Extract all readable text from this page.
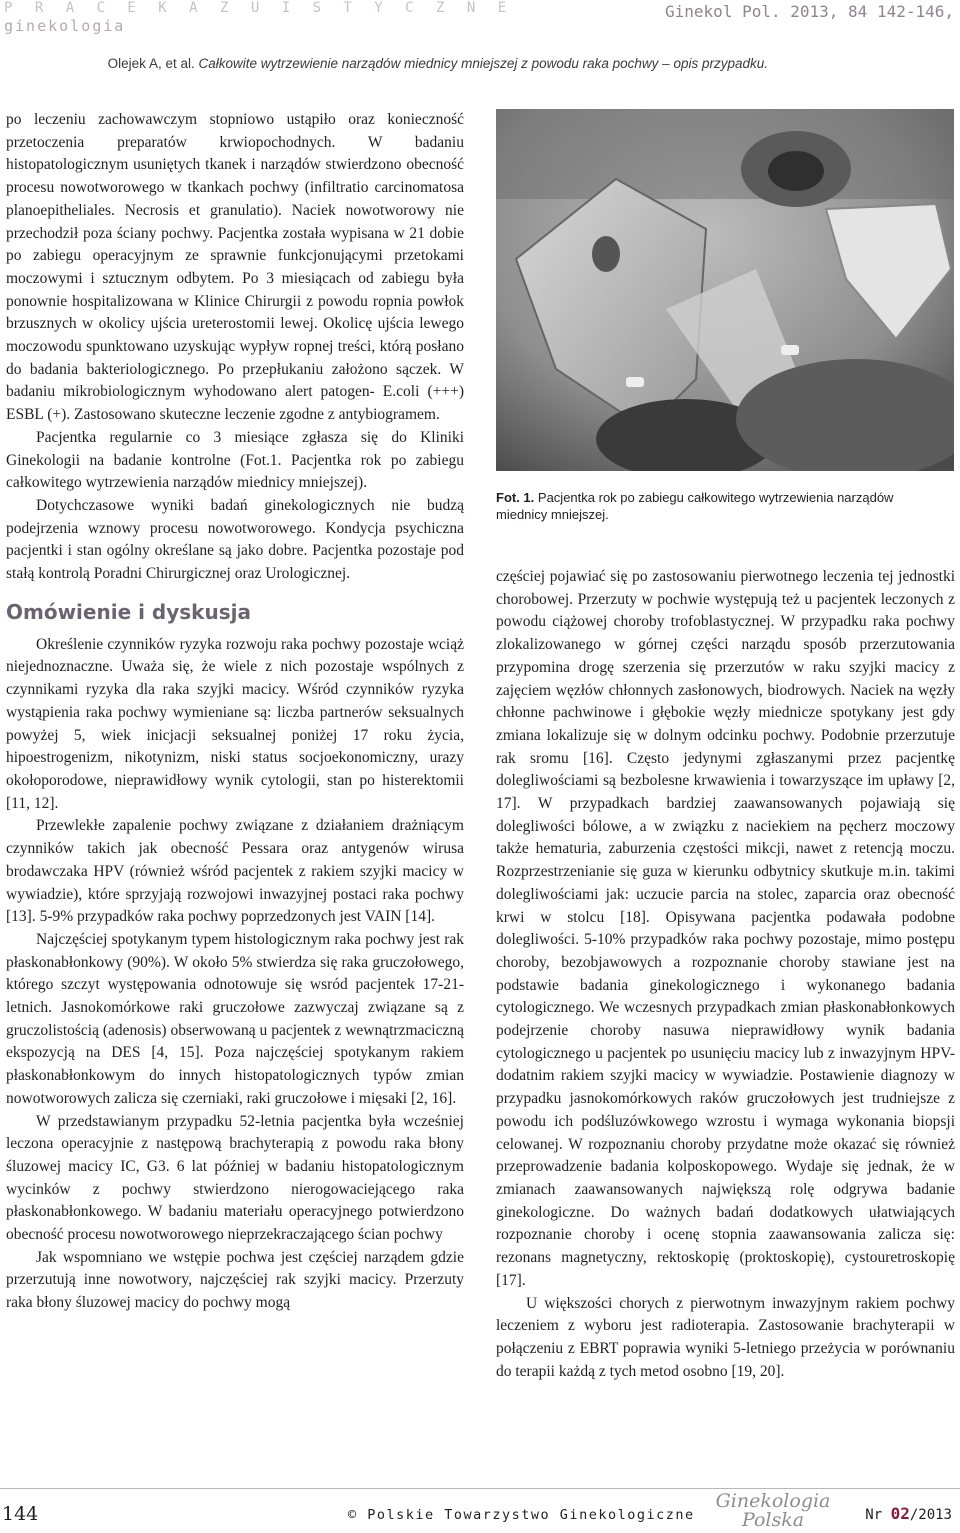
P R A C E K A Z U I S T Y C Z N E
ginekologia
Ginekol Pol. 2013, 84 142-146,
Olejek A, et al. Całkowite wytrzewienie narządów miednicy mniejszej z powodu raka pochwy – opis przypadku.

po leczeniu zachowawczym stopniowo ustąpiło oraz konieczność przetoczenia preparatów krwiopochodnych. W badaniu histopatologicznym usuniętych tkanek i narządów stwierdzono obecność procesu nowotworowego w tkankach pochwy (infiltratio carcinomatosa planoepitheliales. Necrosis et granulatio). Naciek nowotworowy nie przechodził poza ściany pochwy. Pacjentka została wypisana w 21 dobie po zabiegu operacyjnym ze sprawnie funkcjonującymi przetokami moczowymi i sztucznym odbytem. Po 3 miesiącach od zabiegu była ponownie hospitalizowana w Klinice Chirurgii z powodu ropnia powłok brzusznych w okolicy ujścia ureterostomii lewej. Okolicę ujścia lewego moczowodu spunktowano uzyskując wypływ ropnej treści, którą posłano do badania bakteriologicznego. Po przepłukaniu założono sączek. W badaniu mikrobiologicznym wyhodowano alert patogen- E.coli (+++) ESBL (+). Zastosowano skuteczne leczenie zgodne z antybiogramem.

Pacjentka regularnie co 3 miesiące zgłasza się do Kliniki Ginekologii na badanie kontrolne (Fot.1. Pacjentka rok po zabiegu całkowitego wytrzewienia narządów miednicy mniejszej).

Dotychczasowe wyniki badań ginekologicznych nie budzą podejrzenia wznowy procesu nowotworowego. Kondycja psychiczna pacjentki i stan ogólny określane są jako dobre. Pacjentka pozostaje pod stałą kontrolą Poradni Chirurgicznej oraz Urologicznej.

Omówienie i dyskusja

Określenie czynników ryzyka rozwoju raka pochwy pozostaje wciąż niejednoznaczne. Uważa się, że wiele z nich pozostaje wspólnych z czynnikami ryzyka dla raka szyjki macicy. Wśród czynników ryzyka wystąpienia raka pochwy wymieniane są: liczba partnerów seksualnych powyżej 5, wiek inicjacji seksualnej poniżej 17 roku życia, hipoestrogenizm, nikotynizm, niski status socjoekonomiczny, urazy okołoporodowe, nieprawidłowy wynik cytologii, stan po histerektomii [11, 12].

Przewlekłe zapalenie pochwy związane z działaniem drażniącym czynników takich jak obecność Pessara oraz antygenów wirusa brodawczaka HPV (również wśród pacjentek z rakiem szyjki macicy w wywiadzie), które sprzyjają rozwojowi inwazyjnej postaci raka pochwy [13]. 5-9% przypadków raka pochwy poprzedzonych jest VAIN [14].

Najczęściej spotykanym typem histologicznym raka pochwy jest rak płaskonabłonkowy (90%). W około 5% stwierdza się raka gruczołowego, którego szczyt występowania odnotowuje się wsród pacjentek 17-21-letnich. Jasnokomórkowe raki gruczołowe zazwyczaj związane są z gruczolistością (adenosis) obserwowaną u pacjentek z wewnątrzmaciczną ekspozycją na DES [4, 15]. Poza najczęściej spotykanym rakiem płaskonabłonkowym do innych histopatologicznych typów zmian nowotworowych zalicza się czerniaki, raki gruczołowe i mięsaki [2, 16].

W przedstawianym przypadku 52-letnia pacjentka była wcześniej leczona operacyjnie z następową brachyterapią z powodu raka błony śluzowej macicy IC, G3. 6 lat później w badaniu histopatologicznym wycinków z pochwy stwierdzono nierogowaciejącego raka płaskonabłonkowego. W badaniu materiału operacyjnego potwierdzono obecność procesu nowotworowego nieprzekraczającego ścian pochwy

Jak wspomniano we wstępie pochwa jest częściej narządem gdzie przerzutują inne nowotwory, najczęściej rak szyjki macicy. Przerzuty raka błony śluzowej macicy do pochwy mogą

Fot. 1. Pacjentka rok po zabiegu całkowitego wytrzewienia narządów miednicy mniejszej.

częściej pojawiać się po zastosowaniu pierwotnego leczenia tej jednostki chorobowej. Przerzuty w pochwie występują też u pacjentek leczonych z powodu ciążowej choroby trofoblastycznej. W przypadku raka pochwy zlokalizowanego w górnej części narządu sposób przerzutowania przypomina drogę szerzenia się przerzutów w raku szyjki macicy z zajęciem węzłów chłonnych zasłonowych, biodrowych. Naciek na węzły chłonne pachwinowe i głębokie węzły miednicze spotykany jest gdy zmiana lokalizuje się w dolnym odcinku pochwy. Podobnie przerzutuje rak sromu [16]. Często jedynymi zgłaszanymi przez pacjentkę dolegliwościami są bezbolesne krwawienia i towarzyszące im upławy [2, 17]. W przypadkach bardziej zaawansowanych pojawiają się dolegliwości bólowe, a w związku z naciekiem na pęcherz moczowy także hematuria, zaburzenia częstości mikcji, nawet z retencją moczu. Rozprzestrzenianie się guza w kierunku odbytnicy skutkuje m.in. takimi dolegliwościami jak: uczucie parcia na stolec, zaparcia oraz obecność krwi w stolcu [18]. Opisywana pacjentka podawała podobne dolegliwości. 5-10% przypadków raka pochwy pozostaje, mimo postępu choroby, bezobjawowych a rozpoznanie choroby stawiane jest na podstawie badania ginekologicznego i wykonanego badania cytologicznego. We wczesnych przypadkach zmian płaskonabłonkowych podejrzenie choroby nasuwa nieprawidłowy wynik badania cytologicznego u pacjentek po usunięciu macicy lub z inwazyjnym HPV-dodatnim rakiem szyjki macicy w wywiadzie. Postawienie diagnozy w przypadku jasnokomórkowych raków gruczołowych jest trudniejsze z powodu ich podśluzówkowego wzrostu i wymaga wykonania biopsji celowanej. W rozpoznaniu choroby przydatne może okazać się również przeprowadzenie badania kolposkopowego. Wydaje się jednak, że w zmianach zaawansowanych największą rolę odgrywa badanie ginekologiczne. Do ważnych badań dodatkowych ułatwiających rozpoznanie choroby i ocenę stopnia zaawansowania zalicza się: rezonans magnetyczny, rektoskopię (proktoskopię), cystouretroskopię [17].

U większości chorych z pierwotnym inwazyjnym rakiem pochwy leczeniem z wyboru jest radioterapia. Zastosowanie brachyterapii w połączeniu z EBRT poprawia wyniki 5-letniego przeżycia w porównaniu do terapii każdą z tych metod osobno [19, 20].

144	© Polskie Towarzystwo Ginekologiczne
Ginekologia
Polska	Nr 02/2013
